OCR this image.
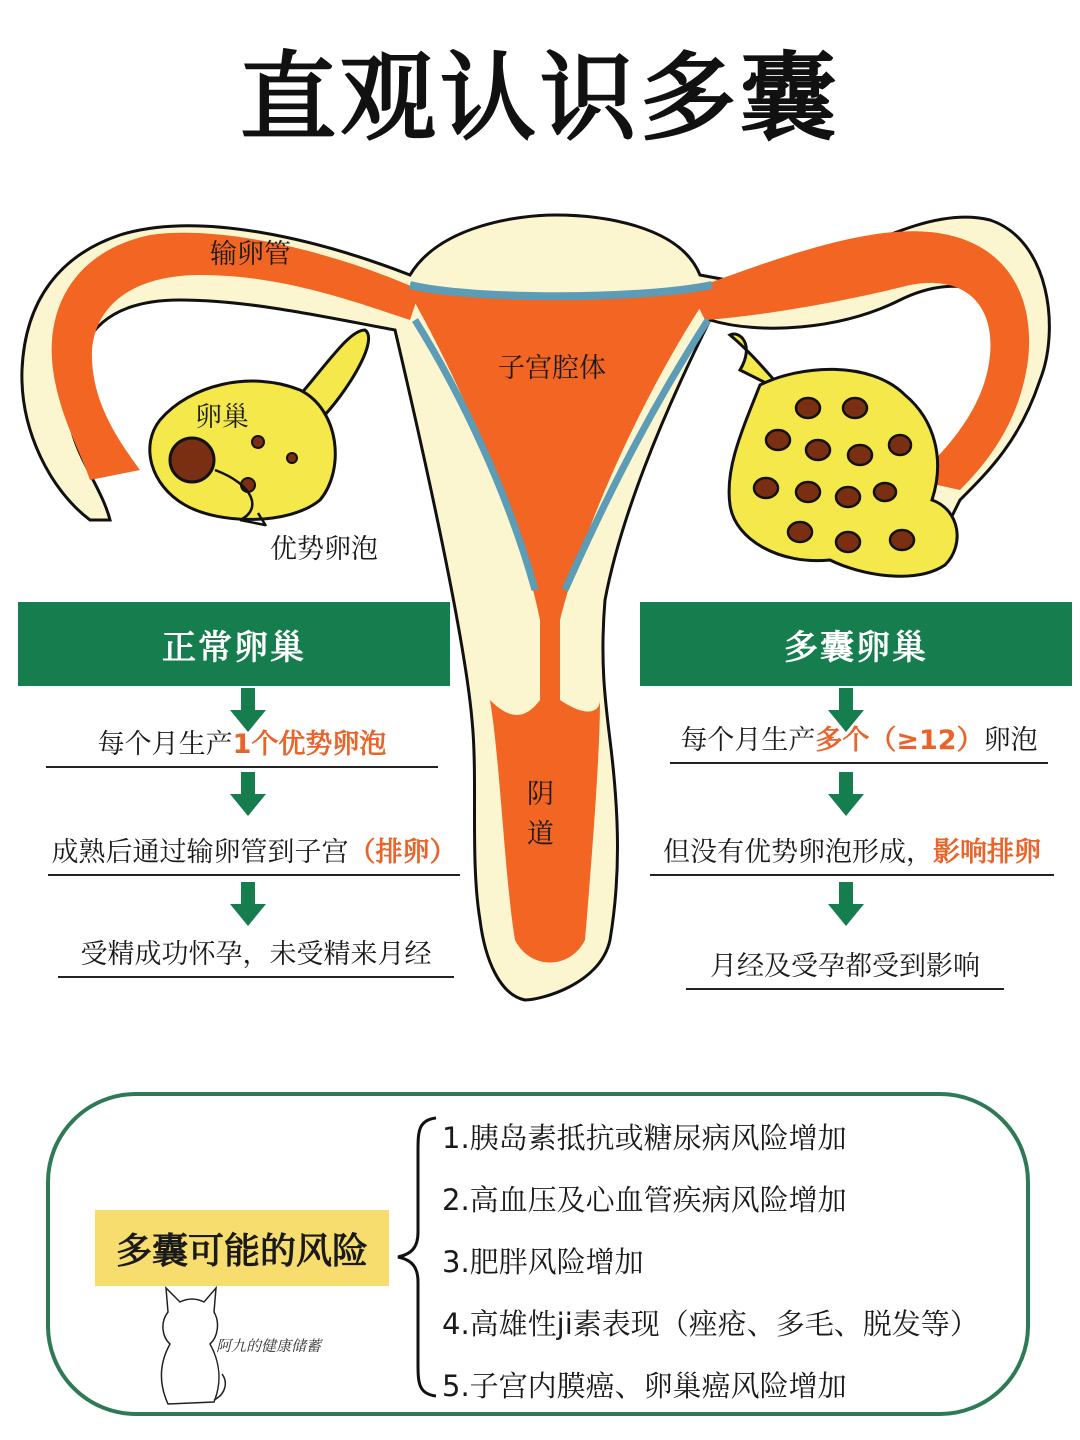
直观认识多囊
输卵管
子宫腔体
卵巢
优势卵泡
阴
道
正常卵巢
每个月生产1个优势卵泡
成熟后通过输卵管到子宫（排卵）
受精成功怀孕，未受精来月经
多囊卵巢
每个月生产多个（≥12）卵泡
但没有优势卵泡形成，影响排卵
月经及受孕都受到影响
多囊可能的风险
1.胰岛素抵抗或糖尿病风险增加
2.高血压及心血管疾病风险增加
3.肥胖风险增加
4.高雄性ji素表现（痤疮、多毛、脱发等）
5.子宫内膜癌、卵巢癌风险增加
阿九的健康储蓄
